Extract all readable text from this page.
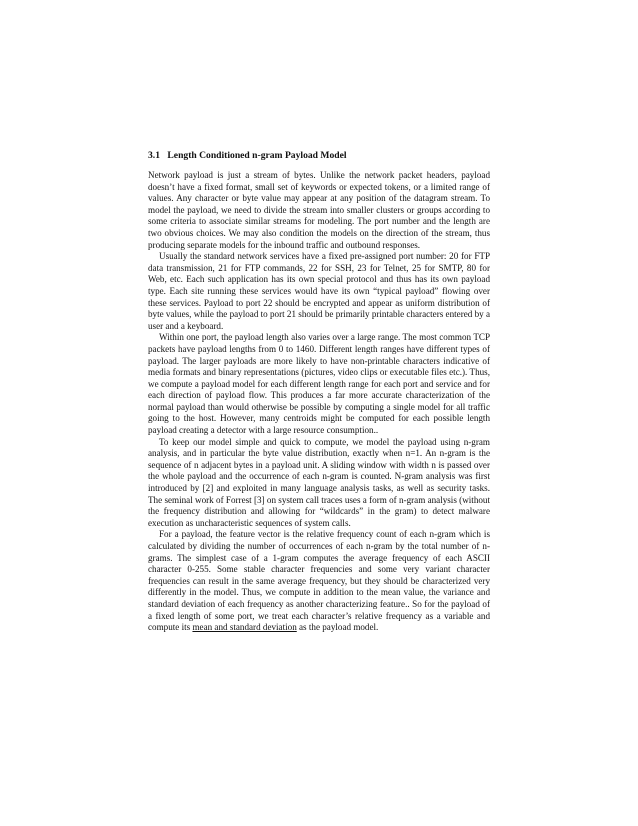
3.1 Length Conditioned n-gram Payload Model

Network payload is just a stream of bytes. Unlike the network packet headers, payload doesn’t have a fixed format, small set of keywords or expected tokens, or a limited range of values. Any character or byte value may appear at any position of the datagram stream. To model the payload, we need to divide the stream into smaller clusters or groups according to some criteria to associate similar streams for modeling. The port number and the length are two obvious choices. We may also condition the models on the direction of the stream, thus producing separate models for the inbound traffic and outbound responses.

Usually the standard network services have a fixed pre-assigned port number: 20 for FTP data transmission, 21 for FTP commands, 22 for SSH, 23 for Telnet, 25 for SMTP, 80 for Web, etc. Each such application has its own special protocol and thus has its own payload type. Each site running these services would have its own “typical payload” flowing over these services. Payload to port 22 should be encrypted and appear as uniform distribution of byte values, while the payload to port 21 should be primarily printable characters entered by a user and a keyboard.

Within one port, the payload length also varies over a large range. The most common TCP packets have payload lengths from 0 to 1460. Different length ranges have different types of payload. The larger payloads are more likely to have non-printable characters indicative of media formats and binary representations (pictures, video clips or executable files etc.). Thus, we compute a payload model for each different length range for each port and service and for each direction of payload flow. This produces a far more accurate characterization of the normal payload than would otherwise be possible by computing a single model for all traffic going to the host. However, many centroids might be computed for each possible length payload creating a detector with a large resource consumption..

To keep our model simple and quick to compute, we model the payload using n-gram analysis, and in particular the byte value distribution, exactly when n=1. An n-gram is the sequence of n adjacent bytes in a payload unit. A sliding window with width n is passed over the whole payload and the occurrence of each n-gram is counted. N-gram analysis was first introduced by [2] and exploited in many language analysis tasks, as well as security tasks. The seminal work of Forrest [3] on system call traces uses a form of n-gram analysis (without the frequency distribution and allowing for “wildcards” in the gram) to detect malware execution as uncharacteristic sequences of system calls.

For a payload, the feature vector is the relative frequency count of each n-gram which is calculated by dividing the number of occurrences of each n-gram by the total number of n-grams. The simplest case of a 1-gram computes the average frequency of each ASCII character 0-255. Some stable character frequencies and some very variant character frequencies can result in the same average frequency, but they should be characterized very differently in the model. Thus, we compute in addition to the mean value, the variance and standard deviation of each frequency as another characterizing feature.. So for the payload of a fixed length of some port, we treat each character’s relative frequency as a variable and compute its mean and standard deviation as the payload model.
